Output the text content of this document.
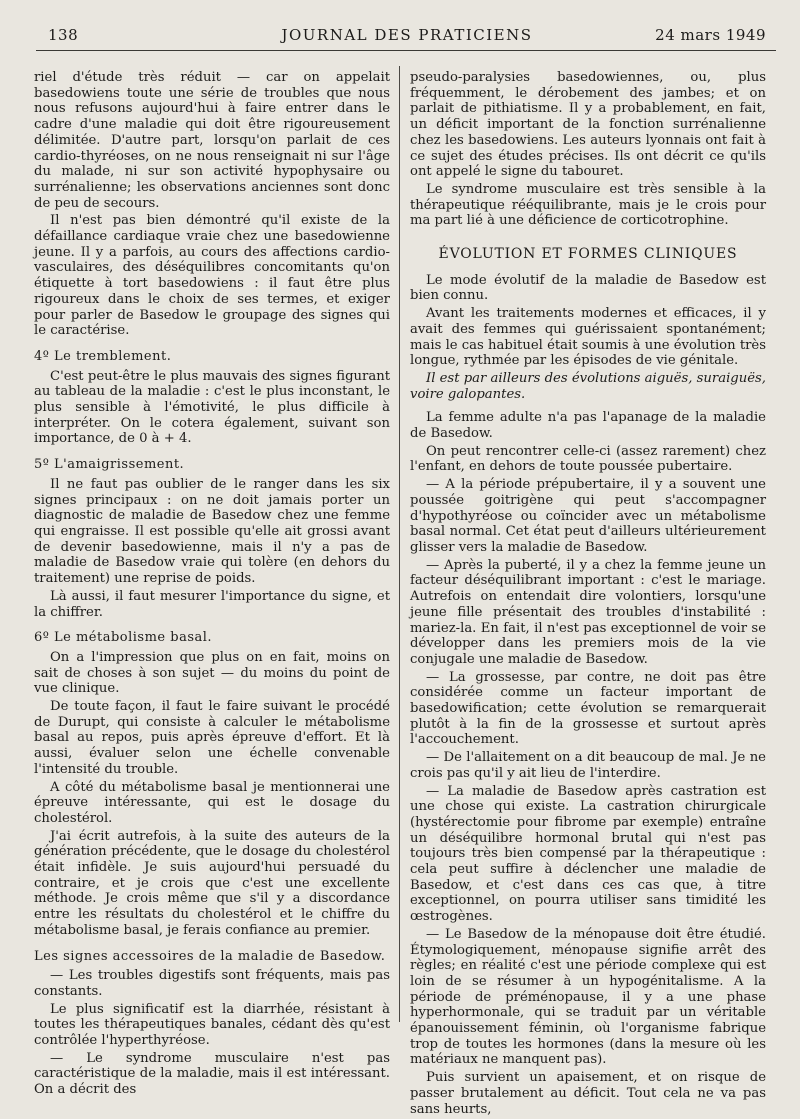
138	JOURNAL DES PRATICIENS	24 mars 1949

riel d'étude très réduit — car on appelait basedowiens toute une série de troubles que nous nous refusons aujourd'hui à faire entrer dans le cadre d'une maladie qui doit être rigoureusement délimitée. D'autre part, lorsqu'on parlait de ces cardio-thyréoses, on ne nous renseignait ni sur l'âge du malade, ni sur son activité hypophysaire ou surrénalienne; les observations anciennes sont donc de peu de secours.

Il n'est pas bien démontré qu'il existe de la défaillance cardiaque vraie chez une basedowienne jeune. Il y a parfois, au cours des affections cardio-vasculaires, des déséquilibres concomitants qu'on étiquette à tort basedowiens : il faut être plus rigoureux dans le choix de ses termes, et exiger pour parler de Basedow le groupage des signes qui le caractérise.

4º Le tremblement.

C'est peut-être le plus mauvais des signes figurant au tableau de la maladie : c'est le plus inconstant, le plus sensible à l'émotivité, le plus difficile à interpréter. On le cotera également, suivant son importance, de 0 à + 4.

5º L'amaigrissement.

Il ne faut pas oublier de le ranger dans les six signes principaux : on ne doit jamais porter un diagnostic de maladie de Basedow chez une femme qui engraisse. Il est possible qu'elle ait grossi avant de devenir basedowienne, mais il n'y a pas de maladie de Basedow vraie qui tolère (en dehors du traitement) une reprise de poids.

Là aussi, il faut mesurer l'importance du signe, et la chiffrer.

6º Le métabolisme basal.

On a l'impression que plus on en fait, moins on sait de choses à son sujet — du moins du point de vue clinique.

De toute façon, il faut le faire suivant le procédé de Durupt, qui consiste à calculer le métabolisme basal au repos, puis après épreuve d'effort. Et là aussi, évaluer selon une échelle convenable l'intensité du trouble.

A côté du métabolisme basal je mentionnerai une épreuve intéressante, qui est le dosage du cholestérol.

J'ai écrit autrefois, à la suite des auteurs de la génération précédente, que le dosage du cholestérol était infidèle. Je suis aujourd'hui persuadé du contraire, et je crois que c'est une excellente méthode. Je crois même que s'il y a discordance entre les résultats du cholestérol et le chiffre du métabolisme basal, je ferais confiance au premier.

Les signes accessoires de la maladie de Basedow.

— Les troubles digestifs sont fréquents, mais pas constants.

Le plus significatif est la diarrhée, résistant à toutes les thérapeutiques banales, cédant dès qu'est contrôlée l'hyperthyréose.

— Le syndrome musculaire n'est pas caractéristique de la maladie, mais il est intéressant. On a décrit des

pseudo-paralysies basedowiennes, ou, plus fréquemment, le dérobement des jambes; et on parlait de pithiatisme. Il y a probablement, en fait, un déficit important de la fonction surrénalienne chez les basedowiens. Les auteurs lyonnais ont fait à ce sujet des études précises. Ils ont décrit ce qu'ils ont appelé le signe du tabouret.

Le syndrome musculaire est très sensible à la thérapeutique rééquilibrante, mais je le crois pour ma part lié à une déficience de corticotrophine.

ÉVOLUTION ET FORMES CLINIQUES

Le mode évolutif de la maladie de Basedow est bien connu.

Avant les traitements modernes et efficaces, il y avait des femmes qui guérissaient spontanément; mais le cas habituel était soumis à une évolution très longue, rythmée par les épisodes de vie génitale.

Il est par ailleurs des évolutions aiguës, suraiguës, voire galopantes.

La femme adulte n'a pas l'apanage de la maladie de Basedow.

On peut rencontrer celle-ci (assez rarement) chez l'enfant, en dehors de toute poussée pubertaire.

— A la période prépubertaire, il y a souvent une poussée goitrigène qui peut s'accompagner d'hypothyréose ou coïncider avec un métabolisme basal normal. Cet état peut d'ailleurs ultérieurement glisser vers la maladie de Basedow.

— Après la puberté, il y a chez la femme jeune un facteur déséquilibrant important : c'est le mariage. Autrefois on entendait dire volontiers, lorsqu'une jeune fille présentait des troubles d'instabilité : mariez-la. En fait, il n'est pas exceptionnel de voir se développer dans les premiers mois de la vie conjugale une maladie de Basedow.

— La grossesse, par contre, ne doit pas être considérée comme un facteur important de basedowification; cette évolution se remarquerait plutôt à la fin de la grossesse et surtout après l'accouchement.

— De l'allaitement on a dit beaucoup de mal. Je ne crois pas qu'il y ait lieu de l'interdire.

— La maladie de Basedow après castration est une chose qui existe. La castration chirurgicale (hystérectomie pour fibrome par exemple) entraîne un déséquilibre hormonal brutal qui n'est pas toujours très bien compensé par la thérapeutique : cela peut suffire à déclencher une maladie de Basedow, et c'est dans ces cas que, à titre exceptionnel, on pourra utiliser sans timidité les œstrogènes.

— Le Basedow de la ménopause doit être étudié. Étymologiquement, ménopause signifie arrêt des règles; en réalité c'est une période complexe qui est loin de se résumer à un hypogénitalisme. A la période de préménopause, il y a une phase hyperhormonale, qui se traduit par un véritable épanouissement féminin, où l'organisme fabrique trop de toutes les hormones (dans la mesure où les matériaux ne manquent pas).

Puis survient un apaisement, et on risque de passer brutalement au déficit. Tout cela ne va pas sans heurts,
